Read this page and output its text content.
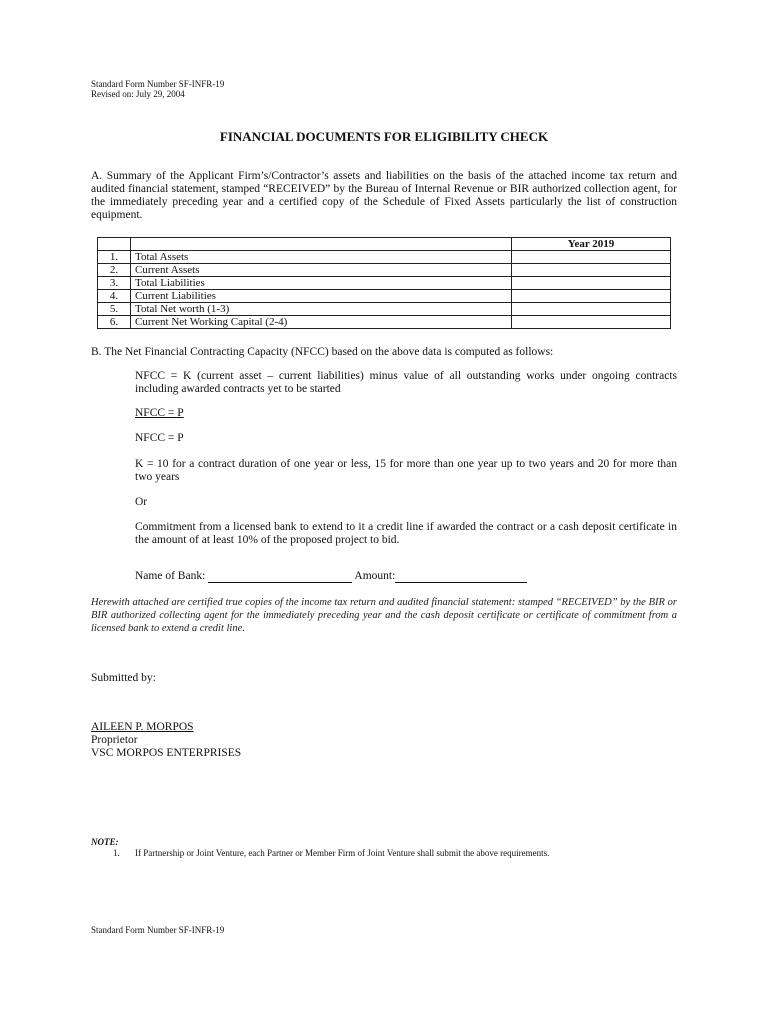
Standard Form Number SF-INFR-19
Revised on: July 29, 2004
FINANCIAL DOCUMENTS FOR ELIGIBILITY CHECK
A. Summary of the Applicant Firm’s/Contractor’s assets and liabilities on the basis of the attached income tax return and audited financial statement, stamped “RECEIVED” by the Bureau of Internal Revenue or BIR authorized collection agent, for the immediately preceding year and a certified copy of the Schedule of Fixed Assets particularly the list of construction equipment.
		Year 2019
1.	Total Assets	
2.	Current Assets	
3.	Total Liabilities	
4.	Current Liabilities	
5.	Total Net worth (1-3)	
6.	Current Net Working Capital (2-4)	
B. The Net Financial Contracting Capacity (NFCC) based on the above data is computed as follows:
NFCC = K (current asset – current liabilities) minus value of all outstanding works under ongoing contracts including awarded contracts yet to be started
NFCC = P
NFCC = P
K = 10 for a contract duration of one year or less, 15 for more than one year up to two years and 20 for more than two years
Or
Commitment from a licensed bank to extend to it a credit line if awarded the contract or a cash deposit certificate in the amount of at least 10% of the proposed project to bid.
Name of Bank:	Amount:
Herewith attached are certified true copies of the income tax return and audited financial statement: stamped “RECEIVED” by the BIR or BIR authorized collecting agent for the immediately preceding year and the cash deposit certificate or certificate of commitment from a licensed bank to extend a credit line.
Submitted by:
AILEEN P. MORPOS
Proprietor
VSC MORPOS ENTERPRISES
NOTE:
1. If Partnership or Joint Venture, each Partner or Member Firm of Joint Venture shall submit the above requirements.
Standard Form Number SF-INFR-19
